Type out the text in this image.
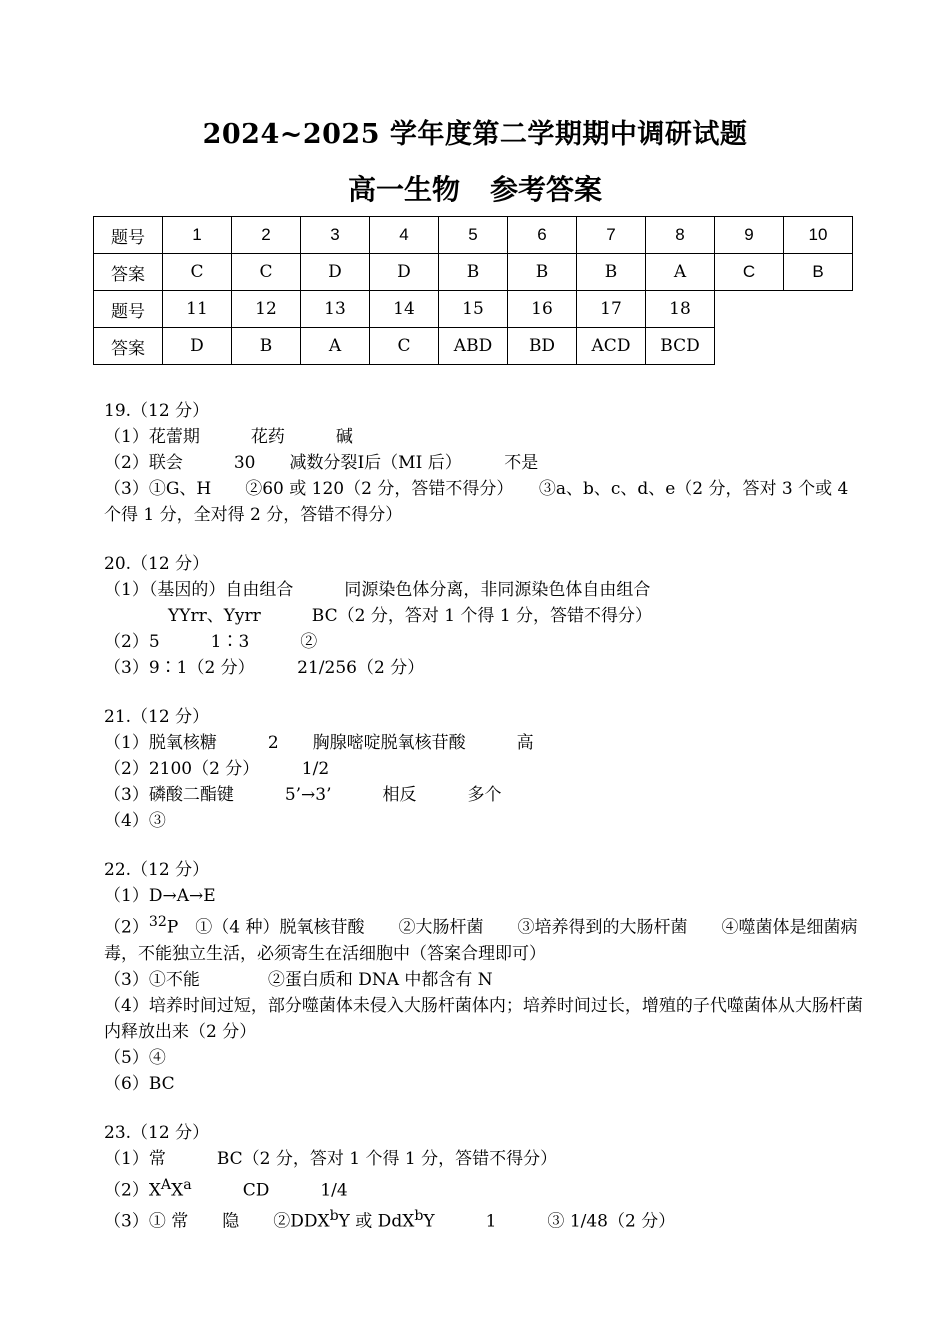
2024~2025 学年度第二学期期中调研试题
高一生物 参考答案
题号	1	2	3	4	5	6	7	8	9	10
答案	C	C	D	D	B	B	B	A	C	B
题号	11	12	13	14	15	16	17	18		
答案	D	B	A	C	ABD	BD	ACD	BCD		

19.（12 分）

（1）花蕾期　　　花药　　　碱

（2）联会　　　30　　减数分裂Ⅰ后（MI 后）　　　不是

（3）①G、H　　②60 或 120（2 分，答错不得分）　　③a、b、c、d、e（2 分，答对 3 个或 4 个得 1 分，全对得 2 分，答错不得分）

20.（12 分）

（1）（基因的）自由组合　　　同源染色体分离，非同源染色体自由组合

YYrr、Yyrr　　　BC（2 分，答对 1 个得 1 分，答错不得分）

（2）5　　　1∶3　　　②

（3）9∶1（2 分）　　　21/256（2 分）

21.（12 分）

（1）脱氧核糖　　　2　　胸腺嘧啶脱氧核苷酸　　　高

（2）2100（2 分）　　　1/2

（3）磷酸二酯键　　　5’→3’　　　相反　　　多个

（4）③

22.（12 分）

（1）D→A→E

$(2)^{32}P$　①（4 种）脱氧核苷酸　　②大肠杆菌　　③培养得到的大肠杆菌　　④噬菌体是细菌病毒，不能独立生活，必须寄生在活细胞中（答案合理即可）

（3）①不能　　　　②蛋白质和 DNA 中都含有 N

（4）培养时间过短，部分噬菌体未侵入大肠杆菌体内；培养时间过长，增殖的子代噬菌体从大肠杆菌内释放出来（2 分）

（5）④

（6）BC

23.（12 分）

（1）常　　　BC（2 分，答对 1 个得 1 分，答错不得分）

$(2)X^AX^a$　　　CD　　　1/4

（3）① 常　　隐　　②DDX$^b$Y 或 DdX$^b$Y　　　1　　　③ 1/48（2 分）
